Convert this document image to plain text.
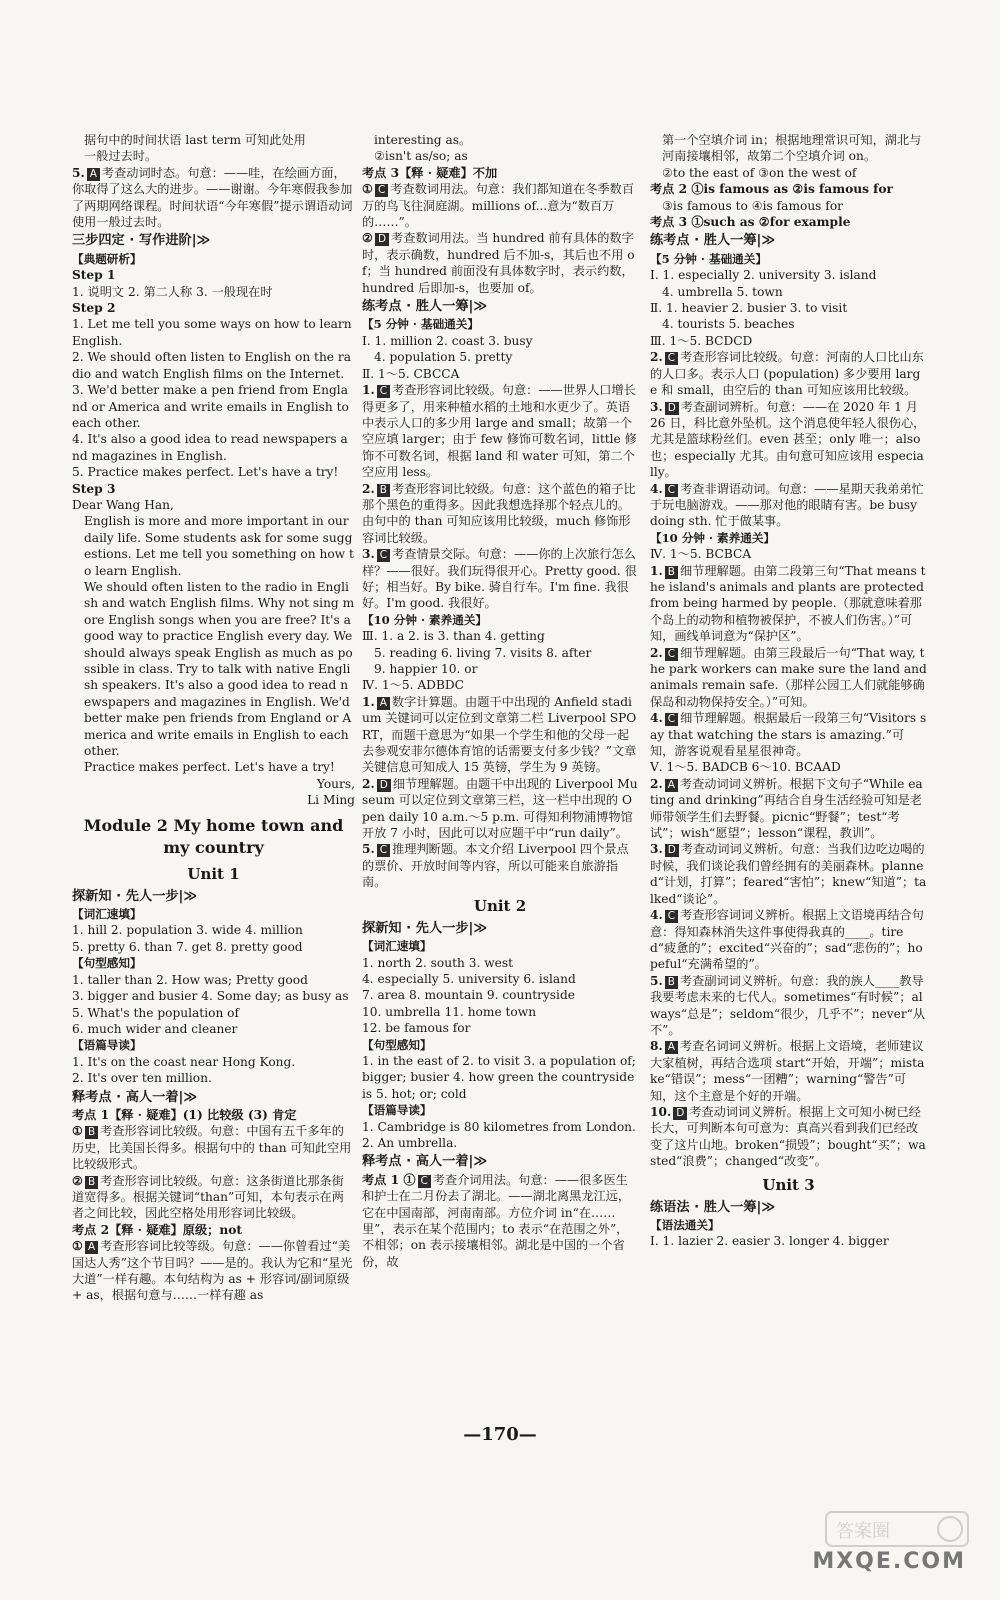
据句中的时间状语 last term 可知此处用
一般过去时。
5. A 考查动词时态。句意：——哇，在绘画方面，你取得了这么大的进步。——谢谢。今年寒假我参加了两期网络课程。时间状语“今年寒假”提示谓语动词使用一般过去时。
三步四定 · 写作进阶|≫
【典题研析】
Step 1
1. 说明文 2. 第二人称 3. 一般现在时
Step 2
1. Let me tell you some ways on how to learn English.
2. We should often listen to English on the radio and watch English films on the Internet.
3. We'd better make a pen friend from England or America and write emails in English to each other.
4. It's also a good idea to read newspapers and magazines in English.
5. Practice makes perfect. Let's have a try!
Step 3
Dear Wang Han,
English is more and more important in our daily life. Some students ask for some suggestions. Let me tell you something on how to learn English.
We should often listen to the radio in English and watch English films. Why not sing more English songs when you are free? It's a good way to practice English every day. We should always speak English as much as possible in class. Try to talk with native English speakers. It's also a good idea to read newspapers and magazines in English. We'd better make pen friends from England or America and write emails in English to each other.
Practice makes perfect. Let's have a try!
Yours,
Li Ming
Module 2 My home town and my country
Unit 1
探新知 · 先人一步|≫
【词汇速填】
1. hill 2. population 3. wide 4. million
5. pretty 6. than 7. get 8. pretty good
【句型感知】
1. taller than 2. How was; Pretty good
3. bigger and busier 4. Some day; as busy as
5. What's the population of
6. much wider and cleaner
【语篇导读】
1. It's on the coast near Hong Kong.
2. It's over ten million.
释考点 · 高人一着|≫
考点 1【释 · 疑难】(1) 比较级 (3) 肯定
① B 考查形容词比较级。句意：中国有五千多年的历史，比美国长得多。根据句中的 than 可知此空用比较级形式。
② B 考查形容词比较级。句意：这条街道比那条街道宽得多。根据关键词“than”可知，本句表示在两者之间比较，因此空格处用形容词比较级。
考点 2【释 · 疑难】原级；not
① A 考查形容词比较等级。句意：——你曾看过“美国达人秀”这个节目吗？——是的。我认为它和“星光大道”一样有趣。本句结构为 as + 形容词/副词原级 + as，根据句意与……一样有趣 as
interesting as。
②isn't as/so; as
考点 3【释 · 疑难】不加
① C 考查数词用法。句意：我们都知道在冬季数百万的鸟飞往洞庭湖。millions of...意为“数百万的……”。
② D 考查数词用法。当 hundred 前有具体的数字时，表示确数，hundred 后不加-s，其后也不用 of；当 hundred 前面没有具体数字时，表示约数，hundred 后即加-s，也要加 of。
练考点 · 胜人一筹|≫
【5 分钟 · 基础通关】
Ⅰ. 1. million 2. coast 3. busy
4. population 5. pretty
Ⅱ. 1～5. CBCCA
1. C 考查形容词比较级。句意：——世界人口增长得更多了，用来种植水稻的土地和水更少了。英语中表示人口的多少用 large and small；故第一个空应填 larger；由于 few 修饰可数名词，little 修饰不可数名词，根据 land 和 water 可知，第二个空应用 less。
2. B 考查形容词比较级。句意：这个蓝色的箱子比那个黑色的重得多。因此我想选择那个轻点儿的。由句中的 than 可知应该用比较级，much 修饰形容词比较级。
3. C 考查情景交际。句意：——你的上次旅行怎么样？——很好。我们玩得很开心。Pretty good. 很好；相当好。By bike. 骑自行车。I'm fine. 我很好。I'm good. 我很好。
【10 分钟 · 素养通关】
Ⅲ. 1. a 2. is 3. than 4. getting
5. reading 6. living 7. visits 8. after
9. happier 10. or
Ⅳ. 1～5. ADBDC
1. A 数字计算题。由题干中出现的 Anfield stadium 关键词可以定位到文章第二栏 Liverpool SPORT，而题干意思为“如果一个学生和他的父母一起去参观安菲尔德体育馆的话需要支付多少钱？”文章关键信息可知成人 15 英镑，学生为 9 英镑。
2. D 细节理解题。由题干中出现的 Liverpool Museum 可以定位到文章第三栏，这一栏中出现的 Open daily 10 a.m.～5 p.m. 可得知利物浦博物馆开放 7 小时，因此可以对应题干中“run daily”。
5. C 推理判断题。本文介绍 Liverpool 四个景点的票价、开放时间等内容，所以可能来自旅游指南。
Unit 2
探新知 · 先人一步|≫
【词汇速填】
1. north 2. south 3. west
4. especially 5. university 6. island
7. area 8. mountain 9. countryside
10. umbrella 11. home town
12. be famous for
【句型感知】
1. in the east of 2. to visit 3. a population of; bigger; busier 4. how green the countryside is 5. hot; or; cold
【语篇导读】
1. Cambridge is 80 kilometres from London.
2. An umbrella.
释考点 · 高人一着|≫
考点 1 ① C 考查介词用法。句意：——很多医生和护士在二月份去了湖北。——湖北离黑龙江远，它在中国南部，河南南部。方位介词 in“在……里”，表示在某个范围内；to 表示“在范围之外”，不相邻；on 表示接壤相邻。湖北是中国的一个省份，故
第一个空填介词 in；根据地理常识可知，湖北与河南接壤相邻，故第二个空填介词 on。
②to the east of ③on the west of
考点 2 ①is famous as ②is famous for
③is famous to ④is famous for
考点 3 ①such as ②for example
练考点 · 胜人一筹|≫
【5 分钟 · 基础通关】
Ⅰ. 1. especially 2. university 3. island
4. umbrella 5. town
Ⅱ. 1. heavier 2. busier 3. to visit
4. tourists 5. beaches
Ⅲ. 1～5. BCDCD
2. C 考查形容词比较级。句意：河南的人口比山东的人口多。表示人口 (population) 多少要用 large 和 small，由空后的 than 可知应该用比较级。
3. D 考查副词辨析。句意：——在 2020 年 1 月 26 日，科比意外坠机。这个消息使年轻人很伤心，尤其是篮球粉丝们。even 甚至；only 唯一；also 也；especially 尤其。由句意可知应该用 especially。
4. C 考查非谓语动词。句意：——星期天我弟弟忙于玩电脑游戏。——那对他的眼睛有害。be busy doing sth. 忙于做某事。
【10 分钟 · 素养通关】
Ⅳ. 1～5. BCBCA
1. B 细节理解题。由第二段第三句“That means the island's animals and plants are protected from being harmed by people.（那就意味着那个岛上的动物和植物被保护，不被人们伤害。）”可知，画线单词意为“保护区”。
2. C 细节理解题。由第三段最后一句“That way, the park workers can make sure the land and animals remain safe.（那样公园工人们就能够确保岛和动物保持安全。）”可知。
4. C 细节理解题。根据最后一段第三句“Visitors say that watching the stars is amazing.”可知，游客说观看星星很神奇。
Ⅴ. 1～5. BADCB 6～10. BCAAD
2. A 考查动词词义辨析。根据下文句子“While eating and drinking”再结合自身生活经验可知是老师带领学生们去野餐。picnic“野餐”；test“考试”；wish“愿望”；lesson“课程，教训”。
3. D 考查动词词义辨析。句意：当我们边吃边喝的时候，我们谈论我们曾经拥有的美丽森林。planned“计划，打算”；feared“害怕”；knew“知道”；talked“谈论”。
4. C 考查形容词词义辨析。根据上文语境再结合句意：得知森林消失这件事使得我真的____。tired“疲惫的”；excited“兴奋的”；sad“悲伤的”；hopeful“充满希望的”。
5. B 考查副词词义辨析。句意：我的族人____教导我要考虑未来的七代人。sometimes“有时候”；always“总是”；seldom“很少，几乎不”；never“从不”。
8. A 考查名词词义辨析。根据上文语境，老师建议大家植树，再结合选项 start“开始，开端”；mistake“错误”；mess“一团糟”；warning“警告”可知，这个主意是个好的开端。
10. D 考查动词词义辨析。根据上文可知小树已经长大，可判断本句可意为：真高兴看到我们已经改变了这片山地。broken“损毁”；bought“买”；wasted“浪费”；changed“改变”。
Unit 3
练语法 · 胜人一筹|≫
【语法通关】
Ⅰ. 1. lazier 2. easier 3. longer 4. bigger
—170—
答案圈
MXQE.COM
